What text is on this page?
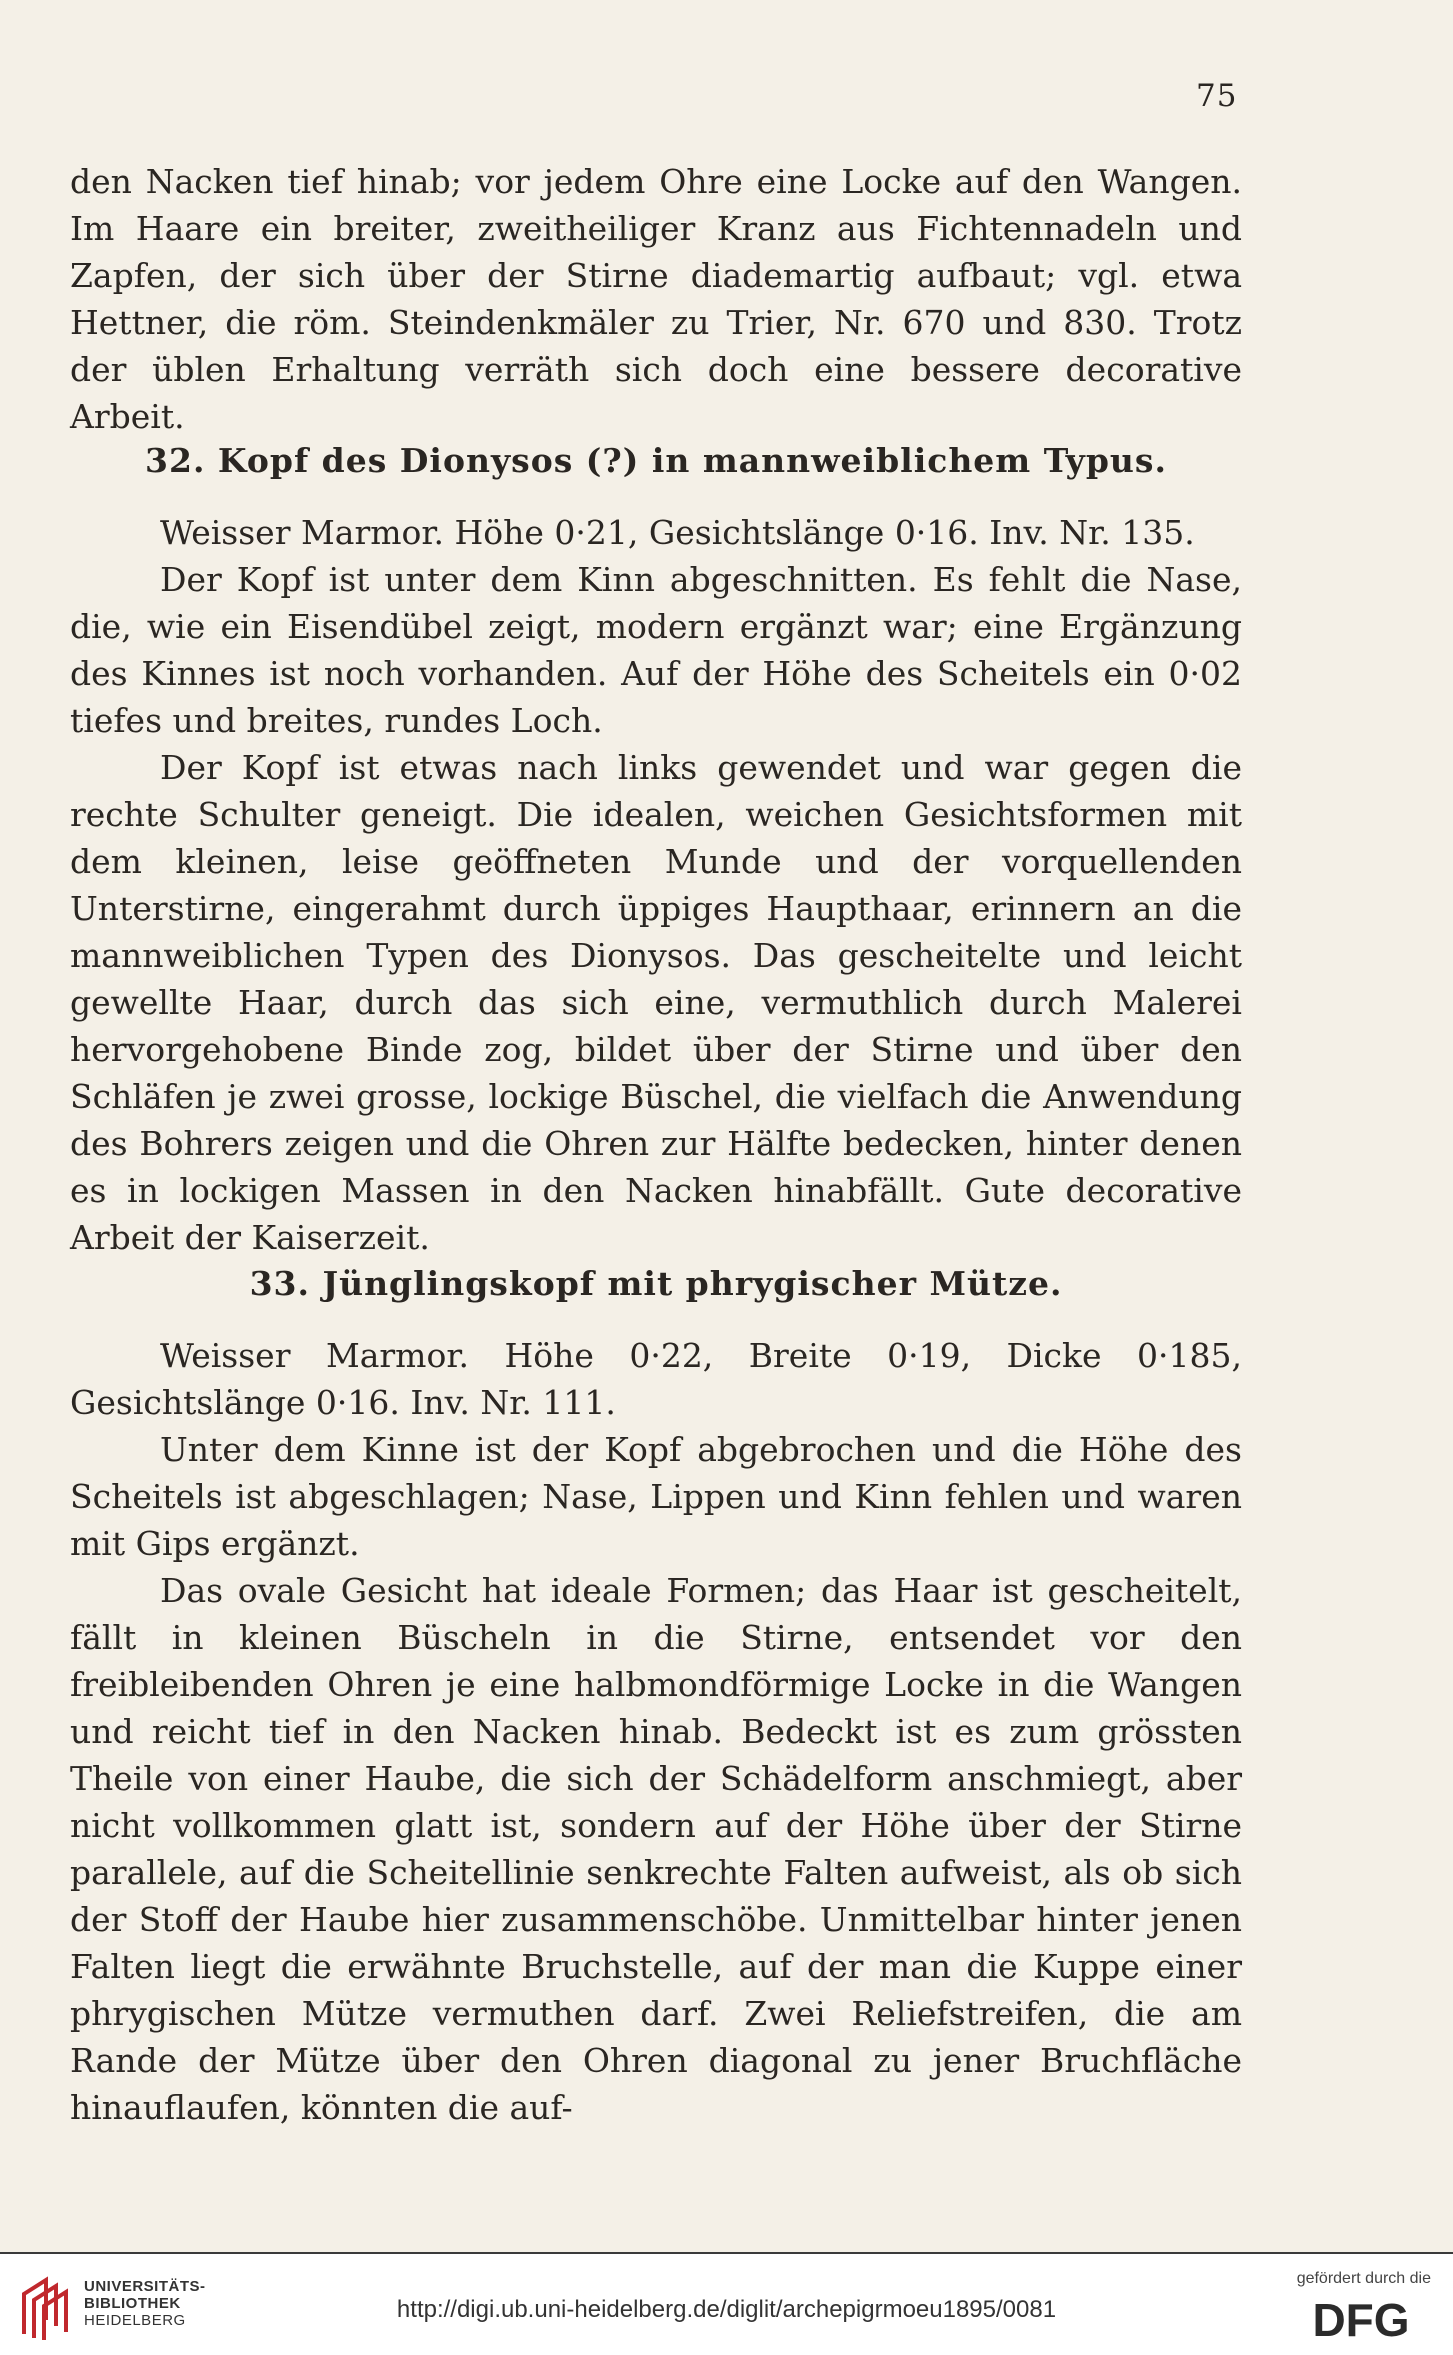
75

den Nacken tief hinab; vor jedem Ohre eine Locke auf den Wangen. Im Haare ein breiter, zweitheiliger Kranz aus Fichtennadeln und Zapfen, der sich über der Stirne diademartig aufbaut; vgl. etwa Hettner, die röm. Steindenkmäler zu Trier, Nr. 670 und 830. Trotz der üblen Erhaltung verräth sich doch eine bessere decorative Arbeit.

32. Kopf des Dionysos (?) in mannweiblichem Typus.

Weisser Marmor. Höhe 0·21, Gesichtslänge 0·16. Inv. Nr. 135.

Der Kopf ist unter dem Kinn abgeschnitten. Es fehlt die Nase, die, wie ein Eisendübel zeigt, modern ergänzt war; eine Ergänzung des Kinnes ist noch vorhanden. Auf der Höhe des Scheitels ein 0·02 tiefes und breites, rundes Loch.

Der Kopf ist etwas nach links gewendet und war gegen die rechte Schulter geneigt. Die idealen, weichen Gesichtsformen mit dem kleinen, leise geöffneten Munde und der vorquellenden Unterstirne, eingerahmt durch üppiges Haupthaar, erinnern an die mannweiblichen Typen des Dionysos. Das gescheitelte und leicht gewellte Haar, durch das sich eine, vermuthlich durch Malerei hervorgehobene Binde zog, bildet über der Stirne und über den Schläfen je zwei grosse, lockige Büschel, die vielfach die Anwendung des Bohrers zeigen und die Ohren zur Hälfte bedecken, hinter denen es in lockigen Massen in den Nacken hinabfällt. Gute decorative Arbeit der Kaiserzeit.

33. Jünglingskopf mit phrygischer Mütze.

Weisser Marmor. Höhe 0·22, Breite 0·19, Dicke 0·185, Gesichtslänge 0·16. Inv. Nr. 111.

Unter dem Kinne ist der Kopf abgebrochen und die Höhe des Scheitels ist abgeschlagen; Nase, Lippen und Kinn fehlen und waren mit Gips ergänzt.

Das ovale Gesicht hat ideale Formen; das Haar ist gescheitelt, fällt in kleinen Büscheln in die Stirne, entsendet vor den freibleibenden Ohren je eine halbmondförmige Locke in die Wangen und reicht tief in den Nacken hinab. Bedeckt ist es zum grössten Theile von einer Haube, die sich der Schädelform anschmiegt, aber nicht vollkommen glatt ist, sondern auf der Höhe über der Stirne parallele, auf die Scheitellinie senkrechte Falten aufweist, als ob sich der Stoff der Haube hier zusammenschöbe. Unmittelbar hinter jenen Falten liegt die erwähnte Bruchstelle, auf der man die Kuppe einer phrygischen Mütze vermuthen darf. Zwei Reliefstreifen, die am Rande der Mütze über den Ohren diagonal zu jener Bruchfläche hinauflaufen, könnten die auf-

UNIVERSITÄTS-
BIBLIOTHEK
HEIDELBERG	http://digi.ub.uni-heidelberg.de/diglit/archepigrmoeu1895/0081
gefördert durch die
DFG
